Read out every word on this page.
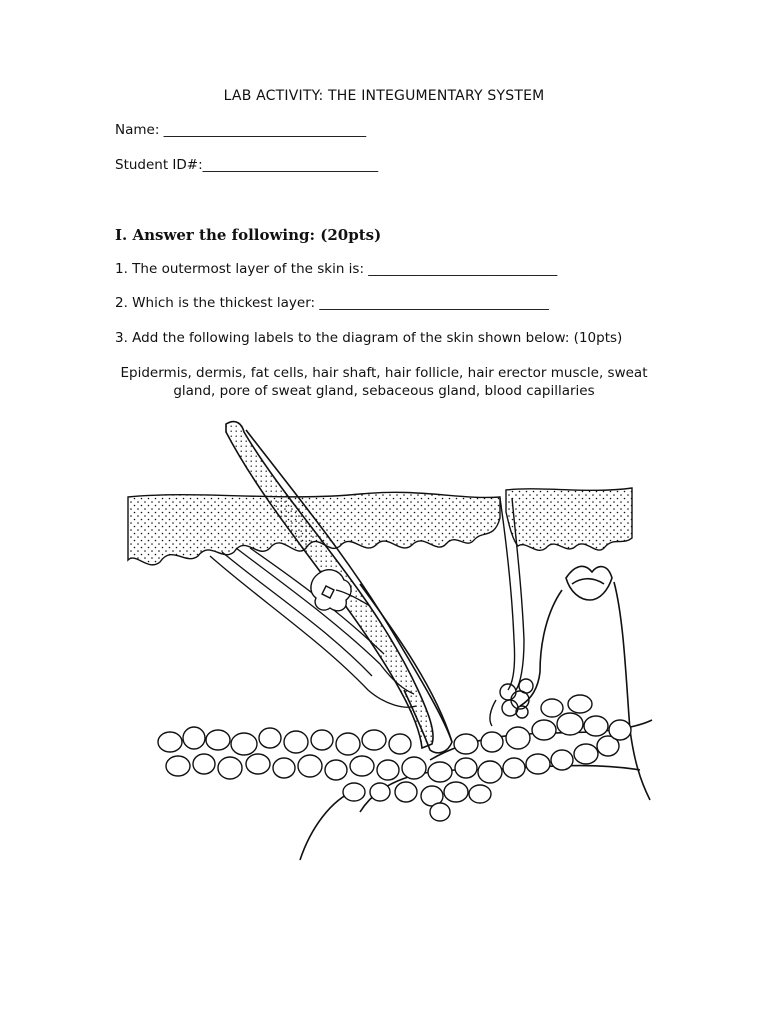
LAB ACTIVITY: THE INTEGUMENTARY SYSTEM
Name: ______________________________
Student ID#:__________________________
I. Answer the following: (20pts)
1. The outermost layer of the skin is: ____________________________
2. Which is the thickest layer: __________________________________
3. Add the following labels to the diagram of the skin shown below: (10pts)
Epidermis, dermis, fat cells, hair shaft, hair follicle, hair erector muscle, sweat gland, pore of sweat gland, sebaceous gland, blood capillaries
